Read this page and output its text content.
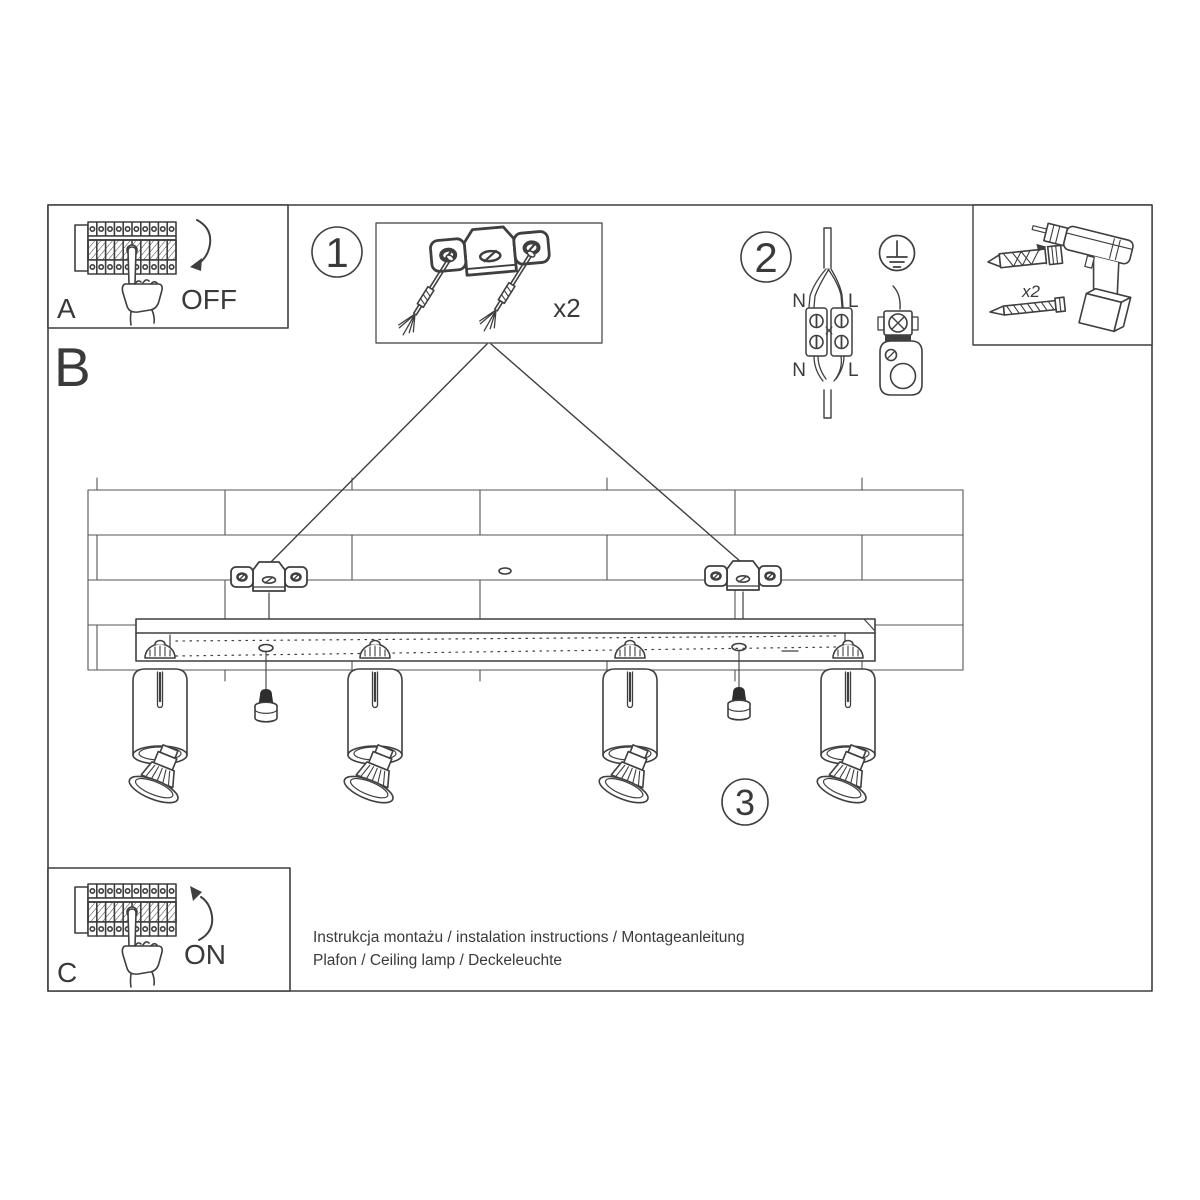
A
B
C
OFF
ON
1	2
3
x2
x2
N L
N L
Instrukcja montażu / instalation instructions / Montageanleitung
Plafon / Ceiling lamp / Deckeleuchte
